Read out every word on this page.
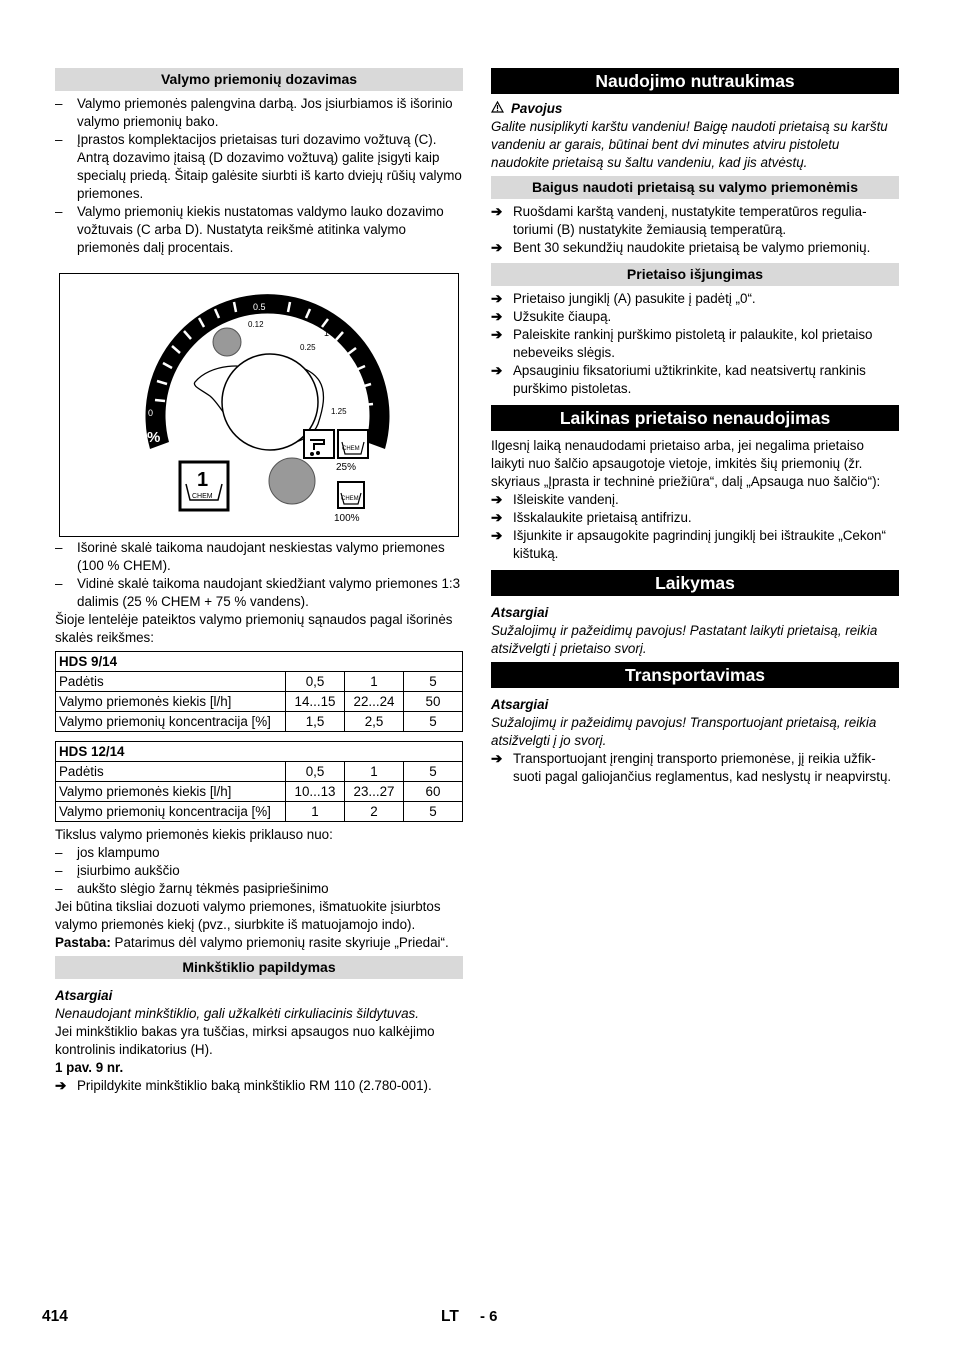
Valymo priemonių dozavimas

– Valymo priemonės palengvina darbą. Jos įsiurbiamos iš išorinio valymo priemonių bako.

– Įprastos komplektacijos prietaisas turi dozavimo vožtuvą (C). Antrą dozavimo įtaisą (D dozavimo vožtuvą) galite įsigyti kaip specialų priedą. Šitaip galėsite siurbti iš karto dviejų rūšių valymo priemones.

– Valymo priemonių kiekis nustatomas valdymo lauko dozavimo vožtuvais (C arba D). Nustatyta reikšmė atitinka valymo priemonės dalį procentais.

%
0
0.5
1
5
0.12
0.25
1.25
1
CHEM
CHEM
25%
CHEM
100%

– Išorinė skalė taikoma naudojant neskiestas valymo priemones (100 % CHEM).

– Vidinė skalė taikoma naudojant skiedžiant valymo priemones 1:3 dalimis (25 % CHEM + 75 % vandens).

Šioje lentelėje pateiktos valymo priemonių sąnaudos pagal išorinės skalės reikšmes:

HDS 9/14			
Padėtis	0,5	1	5
Valymo priemonės kiekis [l/h]	14...15	22...24	50
Valymo priemonių koncentracija [%]	1,5	2,5	5
HDS 12/14			
Padėtis	0,5	1	5
Valymo priemonės kiekis [l/h]	10...13	23...27	60
Valymo priemonių koncentracija [%]	1	2	5

Tikslus valymo priemonės kiekis priklauso nuo:

– jos klampumo

– įsiurbimo aukščio

– aukšto slėgio žarnų tėkmės pasipriešinimo

Jei būtina tiksliai dozuoti valymo priemones, išmatuokite įsiurbtos valymo priemonės kiekį (pvz., siurbkite iš matuojamojo indo).

Pastaba: Patarimus dėl valymo priemonių rasite skyriuje „Priedai“.

Minkštiklio papildymas

Atsargiai

Nenaudojant minkštiklio, gali užkalkėti cirkuliacinis šildytuvas.

Jei minkštiklio bakas yra tuščias, mirksi apsaugos nuo kalkėjimo kontrolinis indikatorius (H).

1 pav. 9 nr.

➔ Pripildykite minkštiklio baką minkštiklio RM 110 (2.780-001).

Naudojimo nutraukimas

Pavojus

Galite nusiplikyti karštu vandeniu! Baigę naudoti prietaisą su karštu vandeniu ar garais, būtinai bent dvi minutes atviru pistoletu naudokite prietaisą su šaltu vandeniu, kad jis atvėstų.

Baigus naudoti prietaisą su valymo priemonėmis

➔ Ruošdami karštą vandenį, nustatykite temperatūros reguliatoriumi (B) nustatykite žemiausią temperatūrą.

➔ Bent 30 sekundžių naudokite prietaisą be valymo priemonių.

Prietaiso išjungimas

➔ Prietaiso jungiklį (A) pasukite į padėtį „0“.

➔ Užsukite čiaupą.

➔ Paleiskite rankinį purškimo pistoletą ir palaukite, kol prietaiso nebeveiks slėgis.

➔ Apsauginiu fiksatoriumi užtikrinkite, kad neatsivertų rankinis purškimo pistoletas.

Laikinas prietaiso nenaudojimas

Ilgesnį laiką nenaudodami prietaiso arba, jei negalima prietaiso laikyti nuo šalčio apsaugotoje vietoje, imkitės šių priemonių (žr. skyriaus „Įprasta ir techninė priežiūra“, dalį „Apsauga nuo šalčio“):

➔ Išleiskite vandenį.

➔ Išskalaukite prietaisą antifrizu.

➔ Išjunkite ir apsaugokite pagrindinį jungiklį bei ištraukite „Cekon“ kištuką.

Laikymas

Atsargiai

Sužalojimų ir pažeidimų pavojus! Pastatant laikyti prietaisą, reikia atsižvelgti į prietaiso svorį.

Transportavimas

Atsargiai

Sužalojimų ir pažeidimų pavojus! Transportuojant prietaisą, reikia atsižvelgti į jo svorį.

➔ Transportuojant įrenginį transporto priemonėse, jį reikia užfiksuoti pagal galiojančius reglamentus, kad neslystų ir neapvirstų.

414	LT - 6
